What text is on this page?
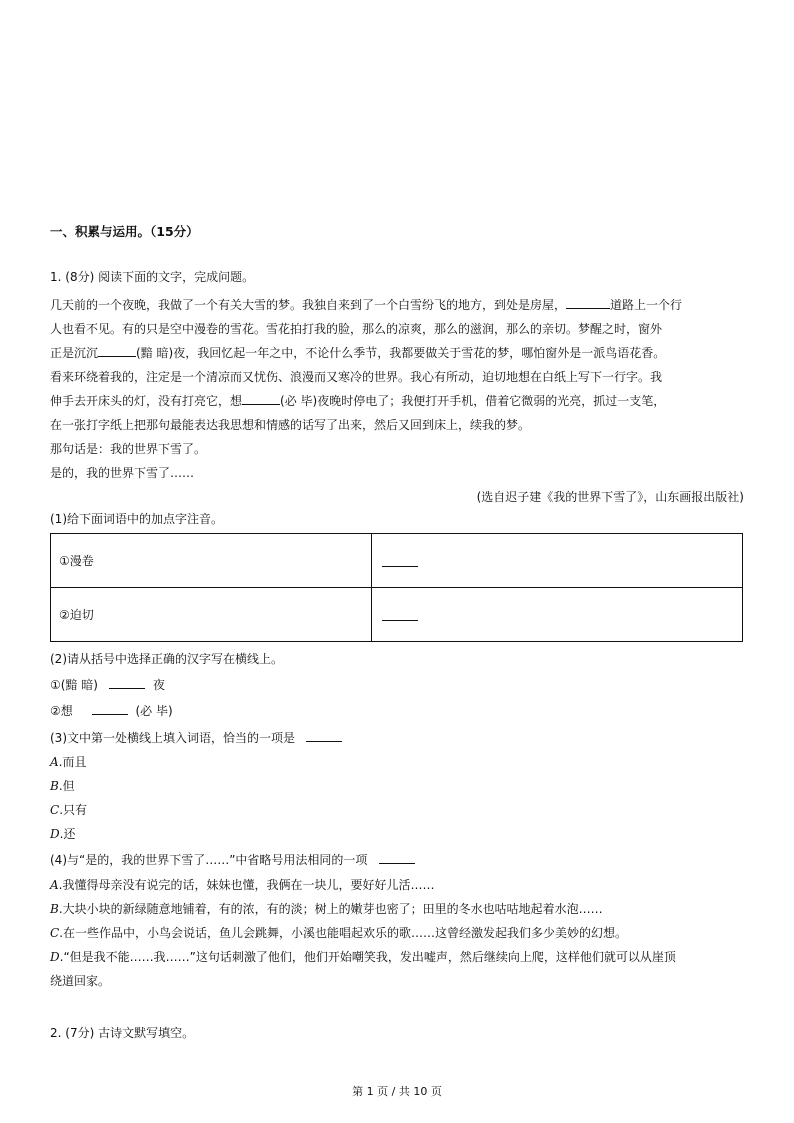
一、积累与运用。（15分）
1. (8分) 阅读下面的文字，完成问题。
几天前的一个夜晚，我做了一个有关大雪的梦。我独自来到了一个白雪纷飞的地方，到处是房屋，	道路上一个行
人也看不见。有的只是空中漫卷的雪花。雪花拍打我的脸，那么的凉爽，那么的滋润，那么的亲切。梦醒之时，窗外
正是沉沉	(黯 暗)夜，我回忆起一年之中，不论什么季节，我都要做关于雪花的梦，哪怕窗外是一派鸟语花香。
看来环绕着我的，注定是一个清凉而又忧伤、浪漫而又寒冷的世界。我心有所动，迫切地想在白纸上写下一行字。我
伸手去开床头的灯，没有打亮它，想	(必 毕)夜晚时停电了；我便打开手机，借着它微弱的光亮，抓过一支笔，
在一张打字纸上把那句最能表达我思想和情感的话写了出来，然后又回到床上，续我的梦。
那句话是：我的世界下雪了。
是的，我的世界下雪了……
(选自迟子建《我的世界下雪了》，山东画报出版社)
(1)给下面词语中的加点字注音。
①漫卷	
②迫切	
(2)请从括号中选择正确的汉字写在横线上。
①(黯 暗)	夜
②想	(必 毕)
(3)文中第一处横线上填入词语，恰当的一项是
A.而且
B.但
C.只有
D.还
(4)与“是的，我的世界下雪了……”中省略号用法相同的一项
A.我懂得母亲没有说完的话，妹妹也懂，我俩在一块儿，要好好儿活……
B.大块小块的新绿随意地铺着，有的浓，有的淡；树上的嫩芽也密了；田里的冬水也咕咕地起着水泡……
C.在一些作品中，小鸟会说话，鱼儿会跳舞，小溪也能唱起欢乐的歌……这曾经激发起我们多少美妙的幻想。
D.“但是我不能……我……”这句话刺激了他们，他们开始嘲笑我，发出嘘声，然后继续向上爬，这样他们就可以从崖顶
绕道回家。
2. (7分) 古诗文默写填空。
第 1 页 / 共 10 页
